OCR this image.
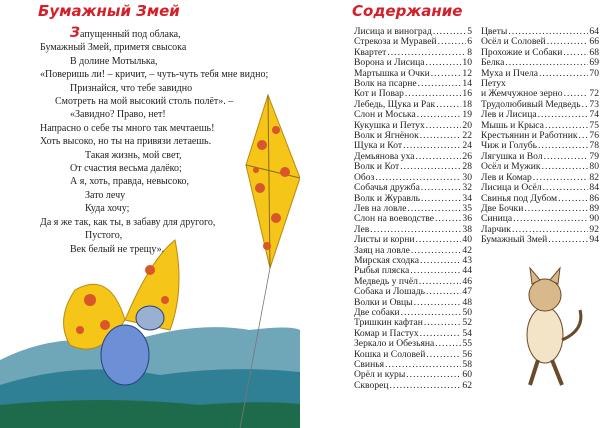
Бумажный Змей
Запущенный под облака,
Бумажный Змей, приметя свысока
В долине Мотылька,
«Поверишь ли! – кричит, – чуть-чуть тебя мне видно;
Признайся, что тебе завидно
Смотреть на мой высокий столь полёт». –
«Завидно? Право, нет!
Напрасно о себе ты много так мечтаешь!
Хоть высоко, но ты на привязи летаешь.
Такая жизнь, мой свет,
От счастия весьма далёко;
А я, хоть, правда, невысоко,
Зато лечу
Куда хочу;
Да я же так, как ты, в забаву для другого,
Пустого,
Век белый не трещу».
Содержание
Лисица и виноград .....	5
Стрекоза и Муравей .....	6
Квартет .....	8
Ворона и Лисица .....	10
Мартышка и Очки .....	12
Волк на псарне .....	14
Кот и Повар .....	16
Лебедь, Щука и Рак .....	18
Слон и Моська .....	19
Кукушка и Петух .....	20
Волк и Ягнёнок .....	22
Щука и Кот .....	24
Демьянова уха .....	26
Волк и Кот .....	28
Обоз .....	30
Собачья дружба .....	32
Волк и Журавль .....	34
Лев на ловле .....	35
Слон на воеводстве .....	36
Лев .....	38
Листы и корни .....	40
Заяц на ловле .....	42
Мирская сходка .....	43
Рыбья пляска .....	44
Медведь у пчёл .....	46
Собака и Лошадь .....	47
Волки и Овцы .....	48
Две собаки .....	50
Тришкин кафтан .....	52
Комар и Пастух .....	54
Зеркало и Обезьяна .....	55
Кошка и Соловей .....	56
Свинья .....	58
Орёл и куры .....	60
Скворец .....	62
Цветы .....	64
Осёл и Соловей .....	66
Прохожие и Собаки .....	68
Белка .....	69
Муха и Пчела .....	70
Петух
и Жемчужное зерно .....	72
Трудолюбивый Медведь ..... 73
Лев и Лисица .....	74
Мышь и Крыса .....	75
Крестьянин и Работник ..... 76
Чиж и Голубь .....	78
Лягушка и Вол .....	79
Осёл и Мужик .....	80
Лев и Комар .....	82
Лисица и Осёл .....	84
Свинья под Дубом .....	86
Две Бочки .....	89
Синица .....	90
Ларчик .....	92
Бумажный Змей .....	94
